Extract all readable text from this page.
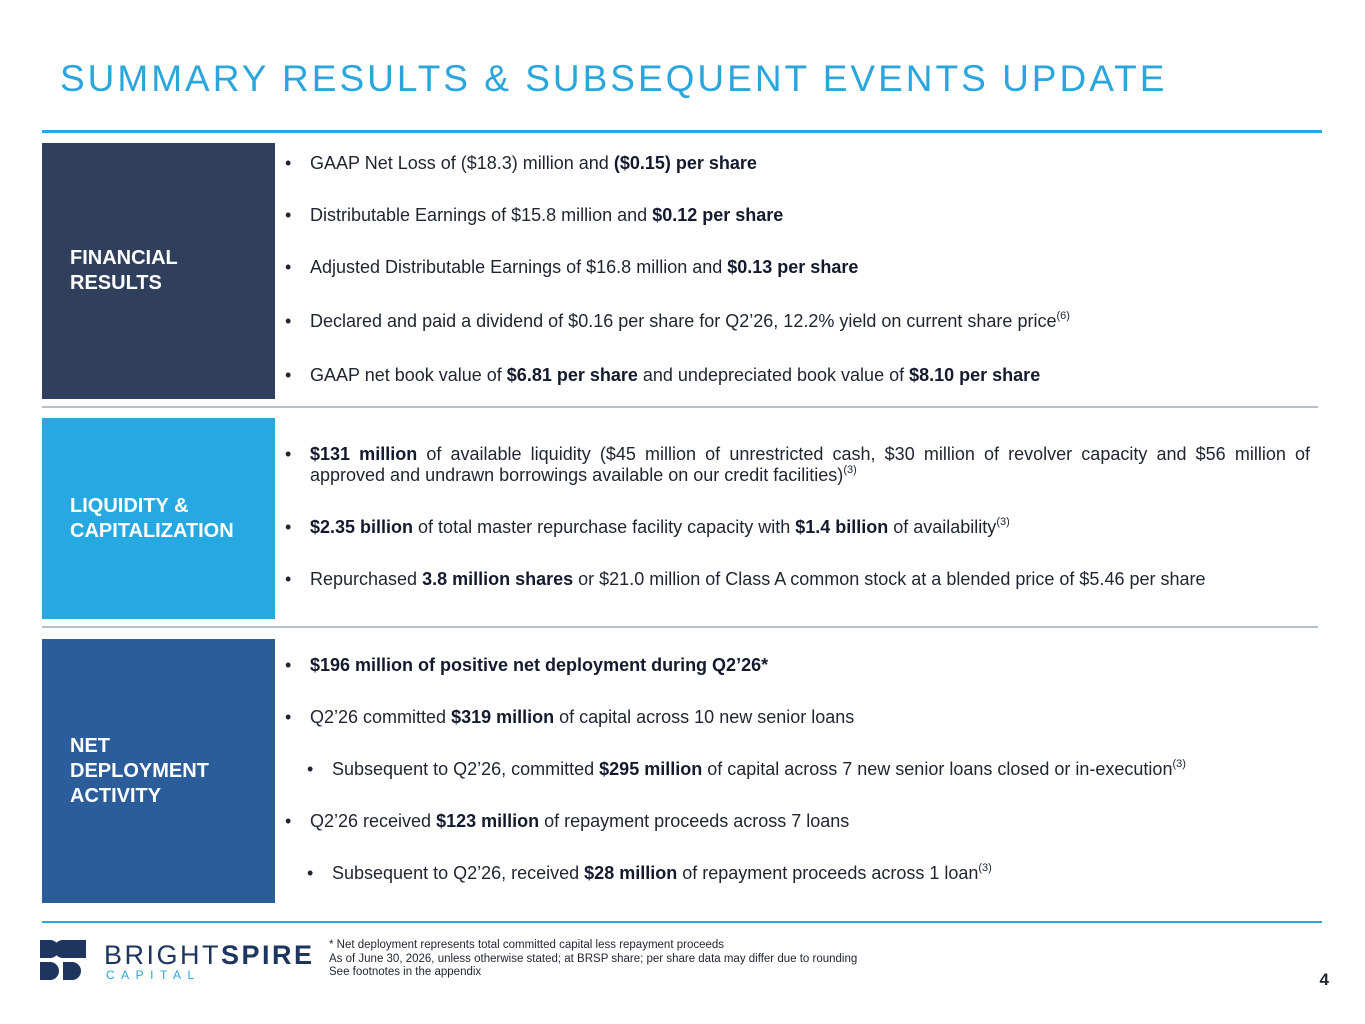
SUMMARY RESULTS & SUBSEQUENT EVENTS UPDATE
FINANCIAL
RESULTS
•	GAAP Net Loss of ($18.3) million and ($0.15) per share
•	Distributable Earnings of $15.8 million and $0.12 per share
•	Adjusted Distributable Earnings of $16.8 million and $0.13 per share
•	Declared and paid a dividend of $0.16 per share for Q2’26, 12.2% yield on current share price$^{(6)}$
•	GAAP net book value of $6.81 per share and undepreciated book value of $8.10 per share
LIQUIDITY &
CAPITALIZATION
•	$131 million of available liquidity ($45 million of unrestricted cash, $30 million of revolver capacity and $56 million of approved and undrawn borrowings available on our credit facilities)$^{(3)}$
•	$2.35 billion of total master repurchase facility capacity with $1.4 billion of availability$^{(3)}$
•	Repurchased 3.8 million shares or $21.0 million of Class A common stock at a blended price of $5.46 per share
NET
DEPLOYMENT
ACTIVITY
•	$196 million of positive net deployment during Q2’26*
•	Q2’26 committed $319 million of capital across 10 new senior loans
•	Subsequent to Q2’26, committed $295 million of capital across 7 new senior loans closed or in-execution$^{(3)}$
•	Q2’26 received $123 million of repayment proceeds across 7 loans
•	Subsequent to Q2’26, received $28 million of repayment proceeds across 1 loan$^{(3)}$
BRIGHTSPIRE
CAPITAL
* Net deployment represents total committed capital less repayment proceeds
As of June 30, 2026, unless otherwise stated; at BRSP share; per share data may differ due to rounding
See footnotes in the appendix	4
